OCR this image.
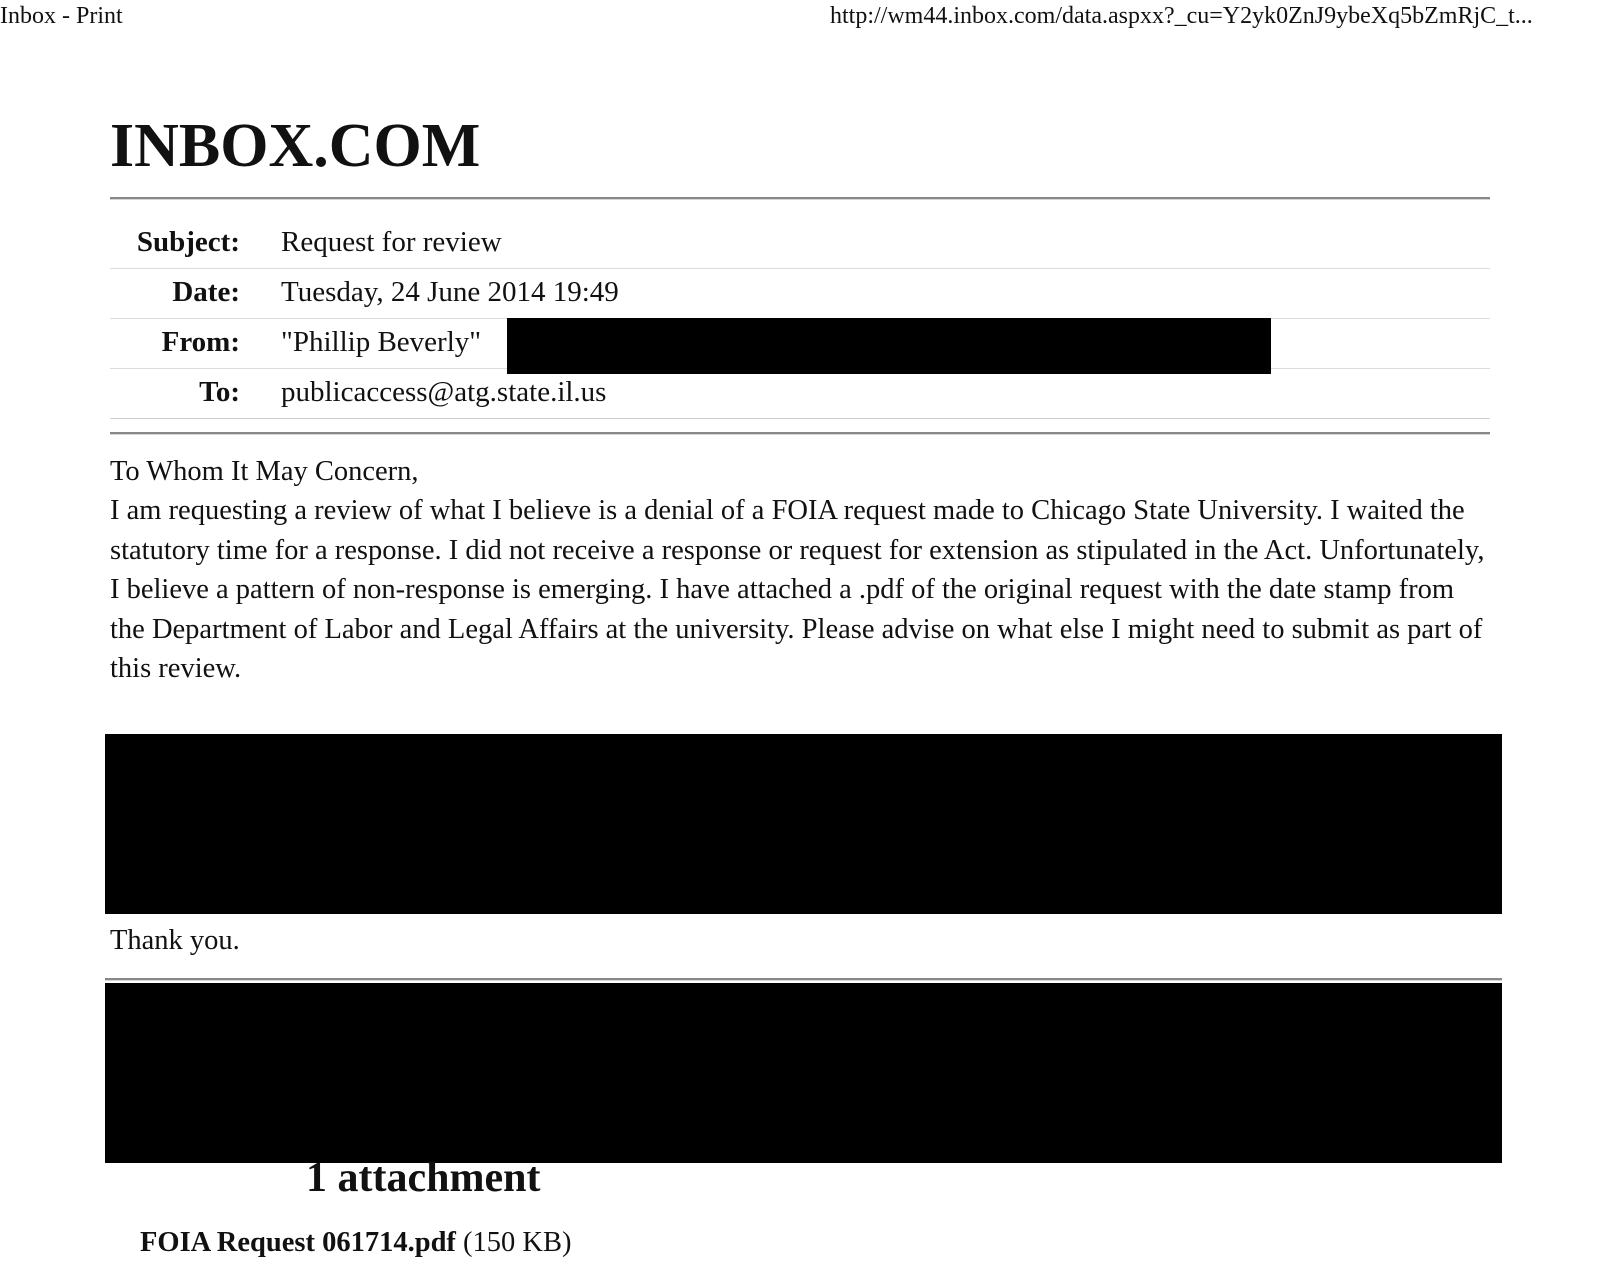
Inbox - Print	http://wm44.inbox.com/data.aspxx?_cu=Y2yk0ZnJ9ybeXq5bZmRjC_t...
INBOX.COM
Subject: Request for review
Date: Tuesday, 24 June 2014 19:49
From: "Phillip Beverly"
To: publicaccess@atg.state.il.us

To Whom It May Concern,

I am requesting a review of what I believe is a denial of a FOIA request made to Chicago State University. I waited the statutory time for a response. I did not receive a response or request for extension as stipulated in the Act. Unfortunately, I believe a pattern of non-response is emerging. I have attached a .pdf of the original request with the date stamp from the Department of Labor and Legal Affairs at the university. Please advise on what else I might need to submit as part of this review.

Thank you.
1 attachment
FOIA Request 061714.pdf (150 KB)
